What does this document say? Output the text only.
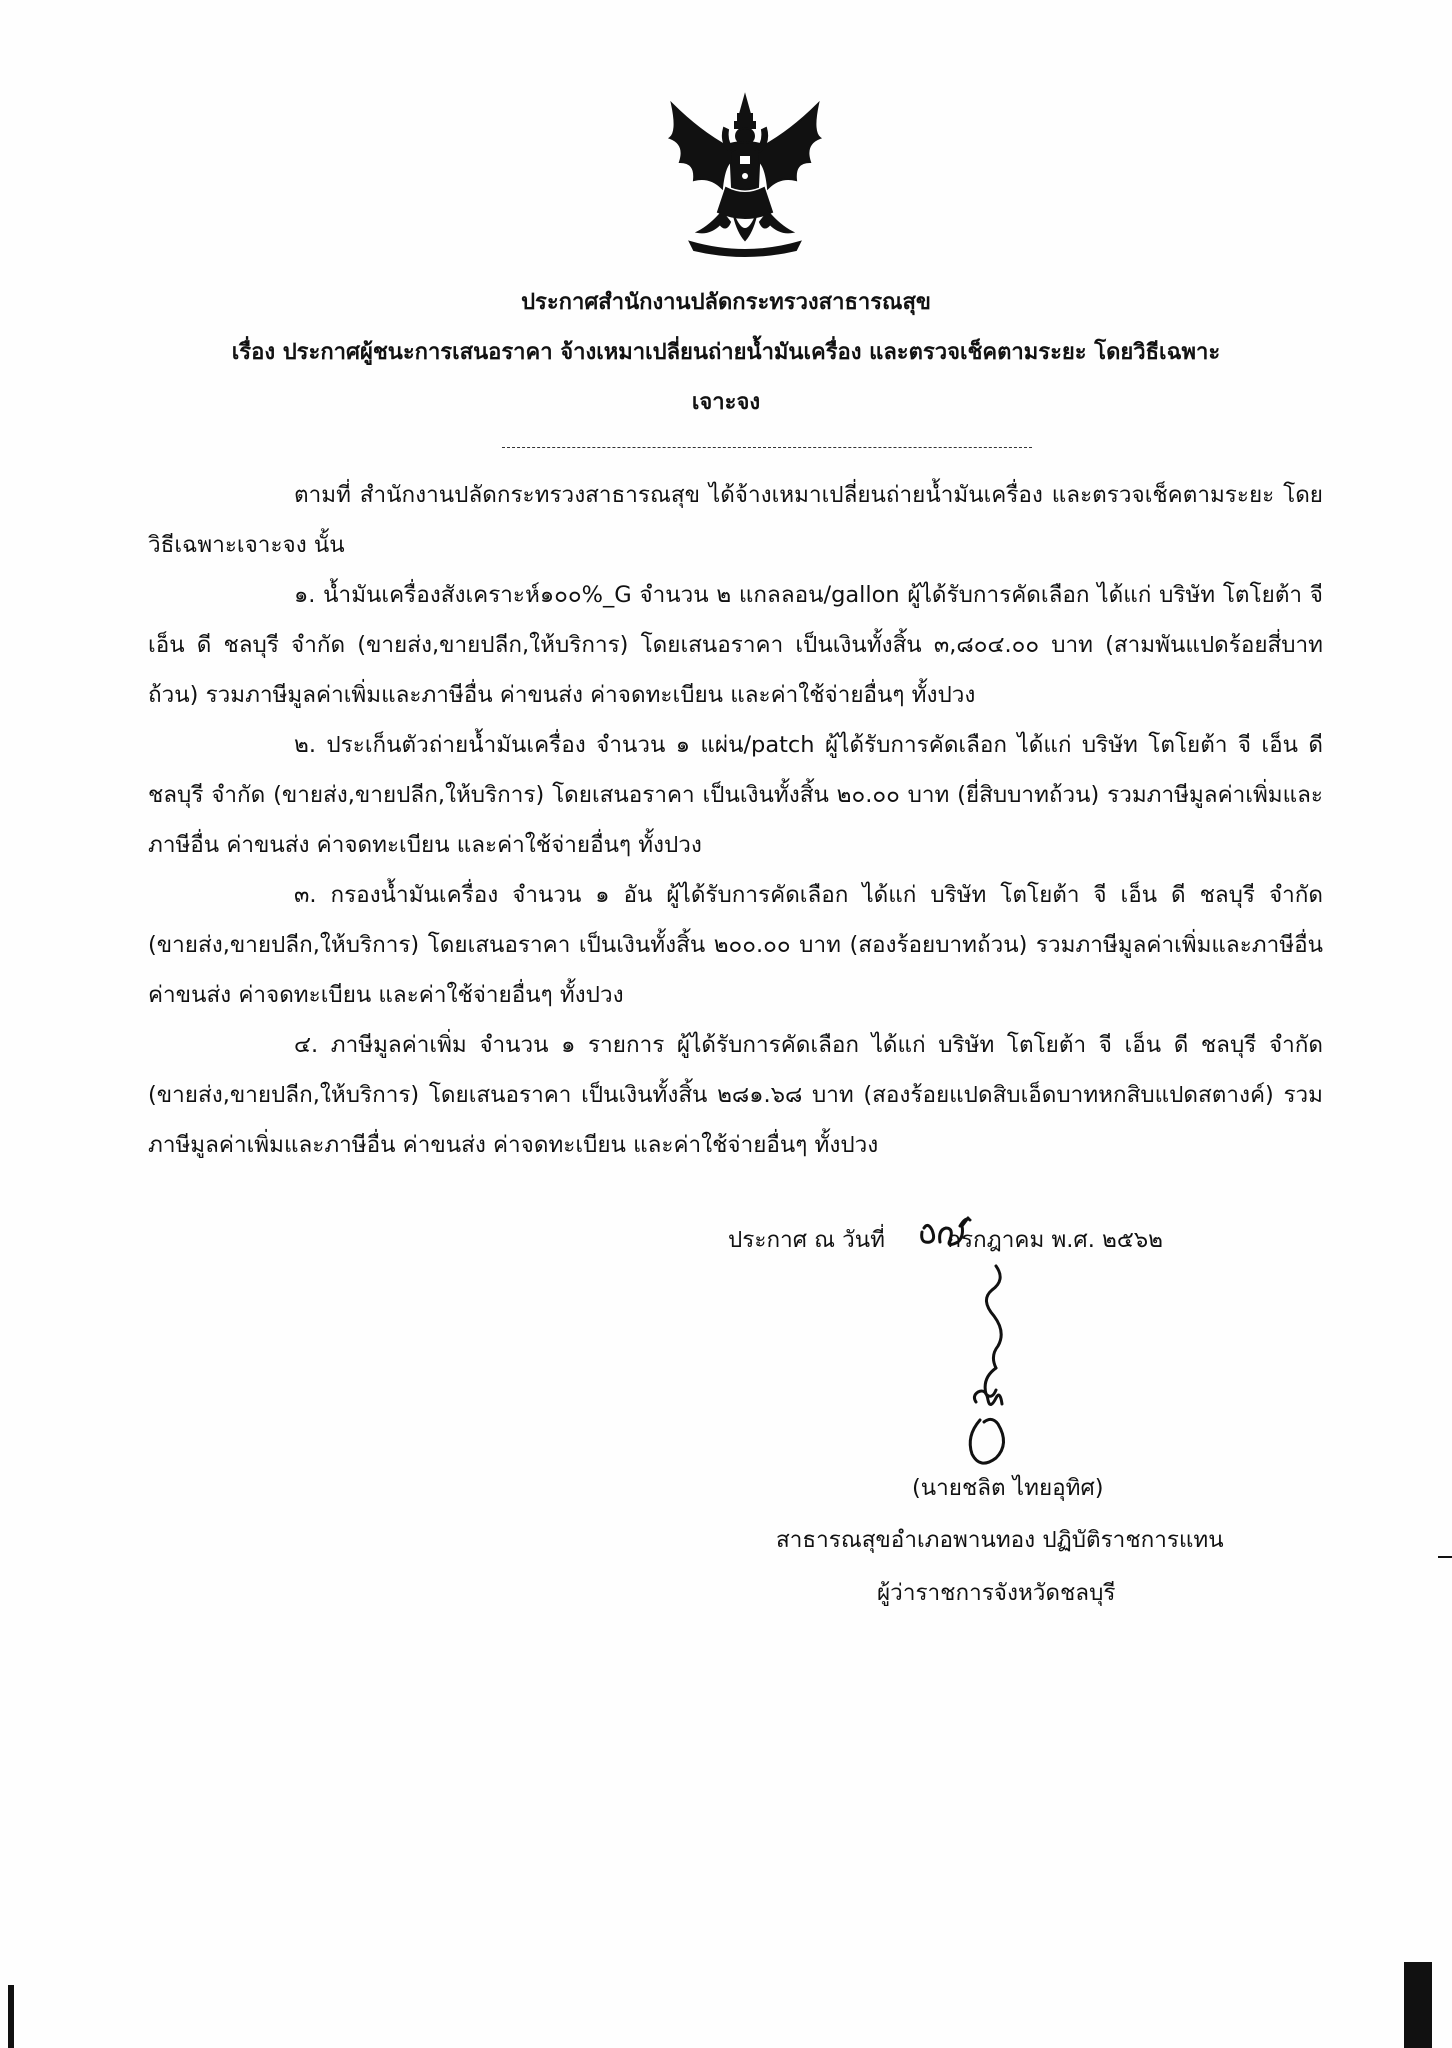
ประกาศสำนักงานปลัดกระทรวงสาธารณสุข
เรื่อง ประกาศผู้ชนะการเสนอราคา จ้างเหมาเปลี่ยนถ่ายน้ำมันเครื่อง และตรวจเช็คตามระยะ โดยวิธีเฉพาะ
เจาะจง
ตามที่ สำนักงานปลัดกระทรวงสาธารณสุข ได้จ้างเหมาเปลี่ยนถ่ายน้ำมันเครื่อง และตรวจเช็คตามระยะ โดยวิธีเฉพาะเจาะจง นั้น
๑. น้ำมันเครื่องสังเคราะห์๑๐๐%_G จำนวน ๒ แกลลอน/gallon ผู้ได้รับการคัดเลือก ได้แก่ บริษัท โตโยต้า จี เอ็น ดี ชลบุรี จำกัด (ขายส่ง,ขายปลีก,ให้บริการ) โดยเสนอราคา เป็นเงินทั้งสิ้น ๓,๘๐๔.๐๐ บาท (สามพันแปดร้อยสี่บาทถ้วน) รวมภาษีมูลค่าเพิ่มและภาษีอื่น ค่าขนส่ง ค่าจดทะเบียน และค่าใช้จ่ายอื่นๆ ทั้งปวง
๒. ประเก็นตัวถ่ายน้ำมันเครื่อง จำนวน ๑ แผ่น/patch ผู้ได้รับการคัดเลือก ได้แก่ บริษัท โตโยต้า จี เอ็น ดี ชลบุรี จำกัด (ขายส่ง,ขายปลีก,ให้บริการ) โดยเสนอราคา เป็นเงินทั้งสิ้น ๒๐.๐๐ บาท (ยี่สิบบาทถ้วน) รวมภาษีมูลค่าเพิ่มและภาษีอื่น ค่าขนส่ง ค่าจดทะเบียน และค่าใช้จ่ายอื่นๆ ทั้งปวง
๓. กรองน้ำมันเครื่อง จำนวน ๑ อัน ผู้ได้รับการคัดเลือก ได้แก่ บริษัท โตโยต้า จี เอ็น ดี ชลบุรี จำกัด (ขายส่ง,ขายปลีก,ให้บริการ) โดยเสนอราคา เป็นเงินทั้งสิ้น ๒๐๐.๐๐ บาท (สองร้อยบาทถ้วน) รวมภาษีมูลค่าเพิ่มและภาษีอื่น ค่าขนส่ง ค่าจดทะเบียน และค่าใช้จ่ายอื่นๆ ทั้งปวง
๔. ภาษีมูลค่าเพิ่ม จำนวน ๑ รายการ ผู้ได้รับการคัดเลือก ได้แก่ บริษัท โตโยต้า จี เอ็น ดี ชลบุรี จำกัด (ขายส่ง,ขายปลีก,ให้บริการ) โดยเสนอราคา เป็นเงินทั้งสิ้น ๒๘๑.๖๘ บาท (สองร้อยแปดสิบเอ็ดบาทหกสิบแปดสตางค์) รวมภาษีมูลค่าเพิ่มและภาษีอื่น ค่าขนส่ง ค่าจดทะเบียน และค่าใช้จ่ายอื่นๆ ทั้งปวง
ประกาศ ณ วันที่	กรกฎาคม พ.ศ. ๒๕๖๒
(นายชลิต ไทยอุทิศ)
สาธารณสุขอำเภอพานทอง ปฏิบัติราชการแทน
ผู้ว่าราชการจังหวัดชลบุรี
